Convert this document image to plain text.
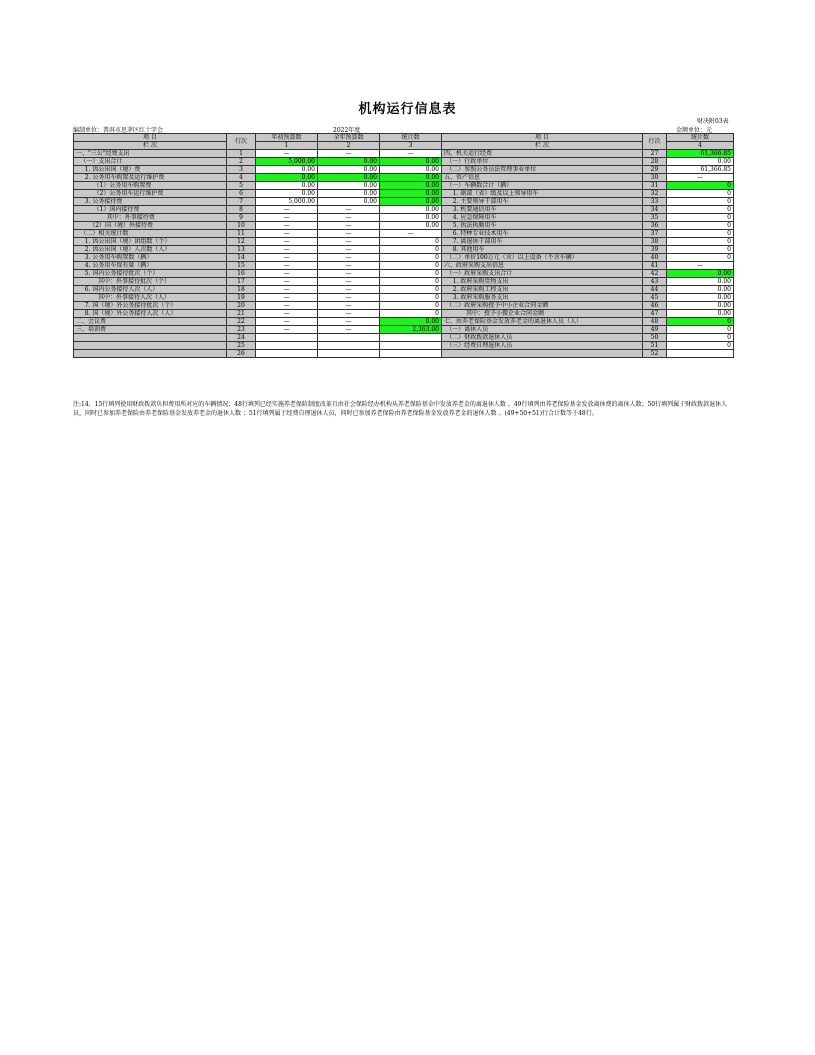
机构运行信息表
财决附03表
编制单位：普洱市思茅区红十字会	2022年度	金额单位：元
项 目	行次	年初预算数	全年预算数	统计数	项 目	行次	统计数
栏 次		1	2	3	栏 次		4
一、"三公"经费支出	1	—	—	—	四、机关运行经费	27	61,366.85
（一）支出合计	2	5,000.00	0.00	0.00	（一）行政单位	28	0.00
1. 因公出国（境）费	3	0.00	0.00	0.00	（二）参照公务员法管理事业单位	29	61,366.85
2. 公务用车购置及运行维护费	4	0.00	0.00	0.00	五、资产信息	30	—
（1）公务用车购置费	5	0.00	0.00	0.00	（一）车辆数合计（辆）	31	0
（2）公务用车运行维护费	6	0.00	0.00	0.00	1. 副部（省）级及以上领导用车	32	0
3. 公务接待费	7	5,000.00	0.00	0.00	2. 主要领导干部用车	33	0
（1）国内接待费	8	—	—	0.00	3. 机要通信用车	34	0
其中：外事接待费	9	—	—	0.00	4. 应急保障用车	35	0
（2）国（境）外接待费	10	—	—	0.00	5. 执法执勤用车	36	0
（二）相关统计数	11	—	—	—	6. 特种专业技术用车	37	0
1. 因公出国（境）团组数（个）	12	—	—	0	7. 离退休干部用车	38	0
2. 因公出国（境）人次数（人）	13	—	—	0	8. 其他用车	39	0
3. 公务用车购置数（辆）	14	—	—	0	（二）单价100万元（含）以上设备（不含车辆）	40	0
4. 公务用车保有量（辆）	15	—	—	0	六、政府采购支出信息	41	—
5. 国内公务接待批次（个）	16	—	—	0	（一）政府采购支出合计	42	0.00
其中：外事接待批次（个）	17	—	—	0	1. 政府采购货物支出	43	0.00
6. 国内公务接待人次（人）	18	—	—	0	2. 政府采购工程支出	44	0.00
其中：外事接待人次（人）	19	—	—	0	3. 政府采购服务支出	45	0.00
7. 国（境）外公务接待批次（个）	20	—	—	0	（二）政府采购授予中小企业合同金额	46	0.00
8. 国（境）外公务接待人次（人）	21	—	—	0	其中：授予小微企业合同金额	47	0.00
二、会议费	22	—	—	0.00	七、由养老保险基金发放养老金的离退休人员（人）	48	0
三、培训费	23	—	—	2,363.00	（一）离休人员	49	0
	24				（二）财政拨款退休人员	50	0
	25				（三）经费自理退休人员	51	0
	26					52	
注:14、15行填列使用财政拨款负担费用所对应的车辆情况；48行填列已经实施养老保险制度改革且由社会保险经办机构从养老保险基金中发放养老金的离退休人数 ，49行填列由养老保险基金发放离休费的离休人数；50行填列属于财政拨款退休人员，同时已参加养老保险由养老保险基金发放养老金的退休人数 ；51行填列属于经费自理退休人员，同时已参加养老保险由养老保险基金发放养老金的退休人数 。(49+50+51)行合计数等于48行。
